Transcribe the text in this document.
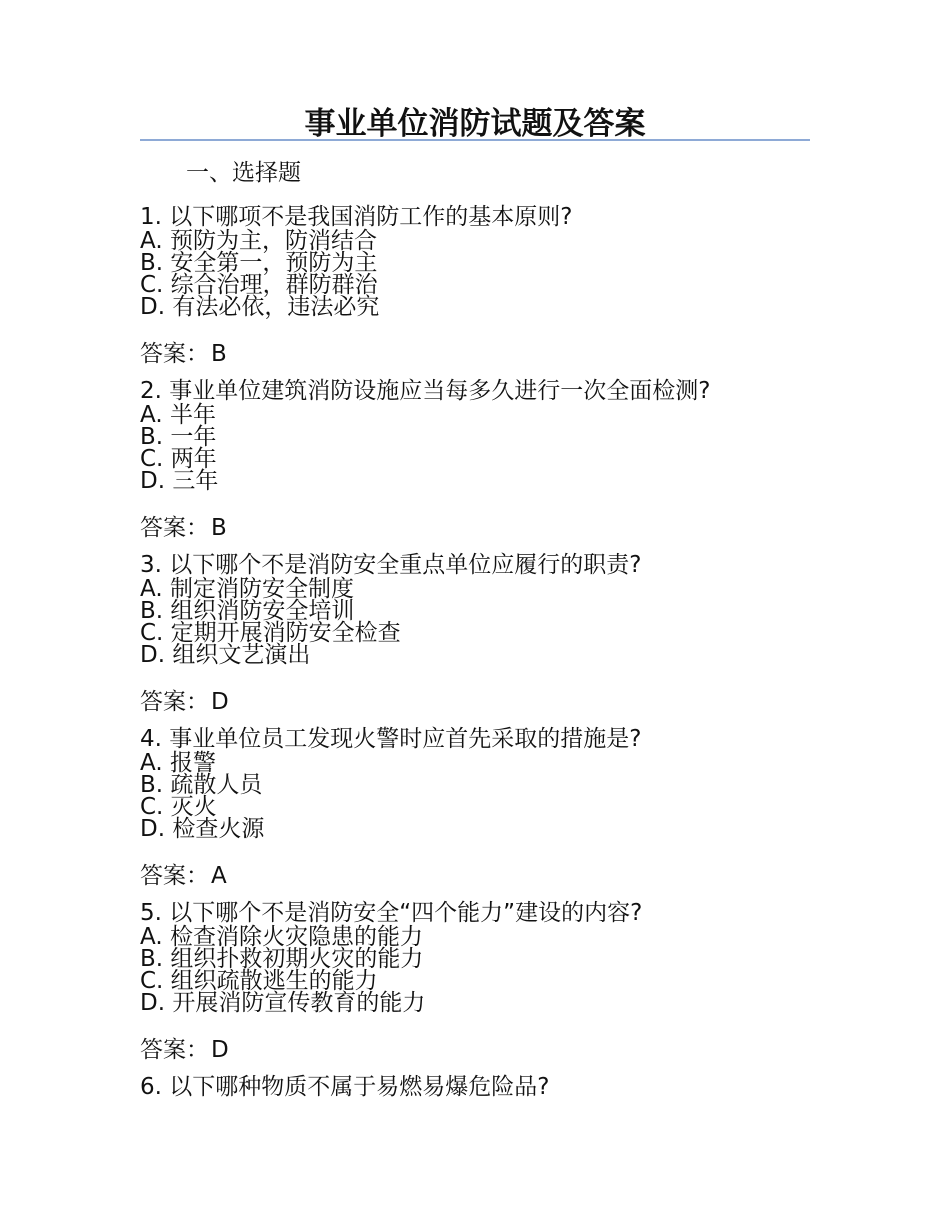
事业单位消防试题及答案
一、选择题
1. 以下哪项不是我国消防工作的基本原则?
A. 预防为主，防消结合
B. 安全第一，预防为主
C. 综合治理，群防群治
D. 有法必依，违法必究
答案：B
2. 事业单位建筑消防设施应当每多久进行一次全面检测?
A. 半年
B. 一年
C. 两年
D. 三年
答案：B
3. 以下哪个不是消防安全重点单位应履行的职责?
A. 制定消防安全制度
B. 组织消防安全培训
C. 定期开展消防安全检查
D. 组织文艺演出
答案：D
4. 事业单位员工发现火警时应首先采取的措施是?
A. 报警
B. 疏散人员
C. 灭火
D. 检查火源
答案：A
5. 以下哪个不是消防安全“四个能力”建设的内容?
A. 检查消除火灾隐患的能力
B. 组织扑救初期火灾的能力
C. 组织疏散逃生的能力
D. 开展消防宣传教育的能力
答案：D
6. 以下哪种物质不属于易燃易爆危险品?
